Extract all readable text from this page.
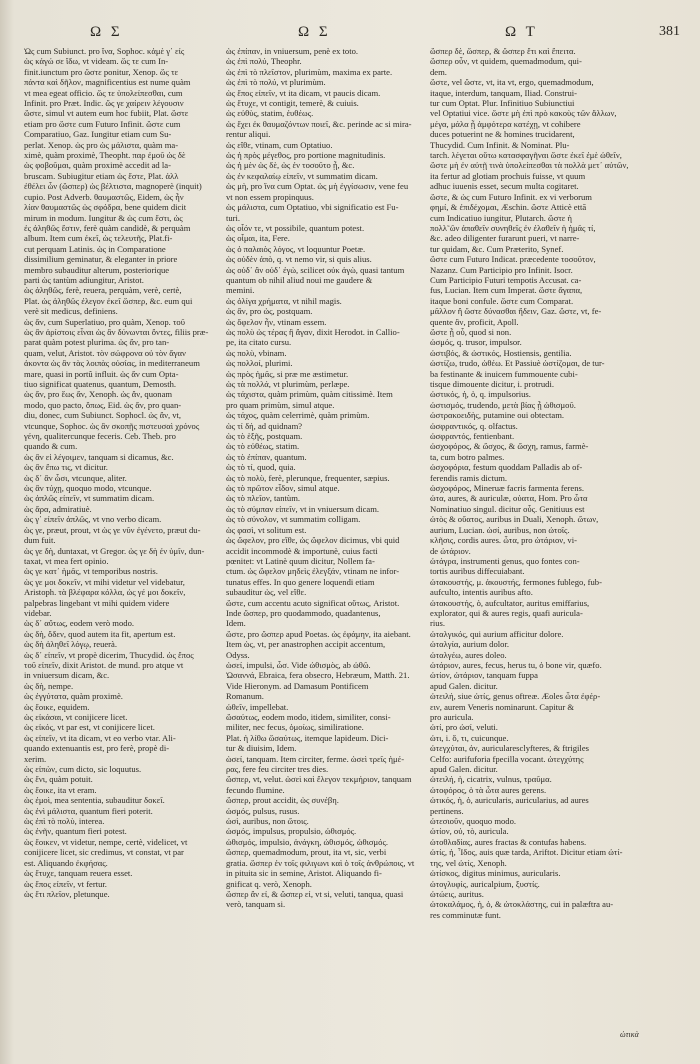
Ω Σ	Ω Σ	Ω Τ	381

Ὡς cum Subiunct. pro ἵνα, Sophoc. κἀμὲ γ᾽ εἰς

ὡς κἀγώ σε ἴδω, vt videam. ὥς τε cum In-

finit.iunctum pro ὥστε ponitur, Xenop. ὥς τε

πάντα καὶ δῆλον, magnificentius est nume quàm

vt mea egeat officio. ὥς τε ὑπολείπεσθαι, cum

Infinit. pro Præt. Indic. ὥς γε χαίρειν λέγουσιν

ὥστε, simul vt autem eum hoc fubiit, Plat. ὥστε

etiam pro ὥστε cum Futuro Infinit. ὥστε cum

Comparatiuo, Gaz. Iungitur etiam cum Su-

perlat. Xenop. ὡς pro ὡς μάλιστα, quàm ma-

ximè, quàm proximè, Theopht. παρ ἐμοῦ ὡς δὲ

ὡς φοβοῦμαι, quàm proximè accedit ad la-

bruscam. Subiugitur etiam ὡς ἔστε, Plat. ἀλλ

ἐθέλει ὦν (ὥσπερ) ὡς βέλτιστα, magnoperè (inquit)

cupio. Post Adverb. θαυμαστῶς, Eidem, ὡς ἦν

λίαν θαυμαστῶς ὡς σφόδρα, bene quidem dicit

mirum in modum. Iungitur & ὡς cum ἔστι, ὡς

ἐς ἀληθῶς ἔστιν, ferè quàm candidè, & perquàm

album. Item cum ἐκεῖ, ὡς τελευτῆς, Plat.fi-

cut perquam Latinis. ὡς in Comparatione

dissimilium geminatur, & eleganter in priore

membro subauditur alterum, posteriorique

parti ὡς tantùm adiungitur, Aristot.

ὡς ἀληθῶς, ferè, reuera, perquàm, verè, certè,

Plat. ὡς ἀληθῶς ἐλεγον ἐκεῖ ὥσπερ, &c. eum qui

verè sit medicus, definiens.

ὡς ἄν, cum Superlatiuo, pro quàm, Xenop. τοῦ

ὡς ἂν ἀρίστοις εἶναι ὡς ἂν δύνωνται ὄντες, filiis præ-

parat quàm potest plurima. ὡς ἄν, pro tan-

quam, velut, Aristot. τὸν σώφρονα οὐ τὸν ἄγαν

ἀκοντα ὡς ἂν τὰς λοιπὰς οὐσίας, in mediterraneum

mare, quasi in portû influit. ὡς ἄν cum Opta-

tiuo significat quatenus, quantum, Demosth.

ὡς ἄν, pro ἕως ἄν, Xenoph. ὡς ἄν, quonam

modo, quo pacto, ὅπως, Eid. ὡς ἄν, pro quan-

diu, donec, cum Subiunct. Sophocl. ὡς ἄν, vt,

vtcunque, Sophoc. ὡς ἂν σκοπῇς πιστευσαὶ χρόνος

γένη, qualitercunque feceris. Ceb. Theb. pro

quando & cum.

ὡς ἂν εἰ λέγοιμεν, tanquam si dicamus, &c.

ὡς ἂν ἔπω τις, vt dicitur.

ὡς δ᾽ ἂν ὦσι, vtcunque, aliter.

ὡς ἂν τύχῃ, quoquo modo, vtcunque.

ὡς ἁπλῶς εἰπεῖν, vt summatim dicam.

ὡς ἄρα, admiratiuè.

ὡς γ᾽ εἰπεῖν ἀπλῶς, vt vno verbo dicam.

ὡς γε, præut, prout, vt ὡς γε νῦν ἐγένετο, præut du-

dum fuit.

ὡς γε δὴ, duntaxat, vt Gregor. ὡς γε δὴ ἐν ὑμῖν, dun-

taxat, vt mea fert opinio.

ὡς γε κατ᾽ ἡμᾶς, vt temporibus nostris.

ὡς γε μοι δοκεῖν, vt mihi videtur vel videbatur,

Aristoph. τὰ βλέφαρα κόλλα, ὡς γέ μοι δοκεῖν,

palpebras lingebant vt mihi quidem videre

videbar.

ὡς δ᾽ αὔτως, eodem verò modo.

ὡς δὴ, ὅδεν, quod autem ita fit, apertum est.

ὡς δὴ ἀληθεῖ λόγῳ, reuerà.

ὡς δ᾽ εἰπεῖν, vt propè dicerim, Thucydid. ὡς ἔπος

τοῦ εἰπεῖν, dixit Aristot. de mund. pro atque vt

in vniuersum dicam, &c.

ὡς δὴ, nempe.

ὡς ἐγγύτατα, quàm proximè.

ὡς ἔοικε, equidem.

ὡς εἰκάσαι, vt conijicere licet.

ὡς εἰκός, vt par est, vt conijicere licet.

ὡς εἰπεῖν, vt ita dicam, vt eo verbo vtar. Ali-

quando extenuantis est, pro ferè, propè di-

xerim.

ὡς εἰπὼν, cum dicto, sic loquutus.

ὡς ἔνι, quàm potuit.

ὡς ἔοικε, ita vt eram.

ὡς ἐμοὶ, mea sententia, subauditur δοκεῖ.

ὡς ἐνὶ μάλιστα, quantum fieri poterit.

ὡς ἐπὶ τὸ πολὺ, interea.

ὡς ἐνῆν, quantum fieri potest.

ὡς ἔοικεν, vt videtur, nempe, certè, videlicet, vt

conijicere licet, sic credimus, vt constat, vt par

est. Aliquando ἐκφήσας.

ὡς ἔτυχε, tanquam reuera esset.

ὡς ἔπος εἰπεῖν, vt fertur.

ὡς ἔτι πλεῖον, pletunque.

ὡς ἐπίπαν, in vniuersum, penè ex toto.

ὡς ἐπὶ πολύ, Theophr.

ὡς ἐπὶ τὸ πλεῖστον, plurimùm, maxima ex parte.

ὡς ἐπὶ τὸ πολύ, vt plurimùm.

ὡς ἔπος εἰπεῖν, vt ita dicam, vt paucis dicam.

ὡς ἔτυχε, vt contigit, temerè, & cuiuis.

ὡς εὐθὺς, statim, ἐυθέως.

ὡς ἔχει ἐκ θαυμαζόντων ποιεῖ, &c. perinde ac si mira-

rentur aliqui.

ὡς εἴθε, vtinam, cum Optatiuo.

ὡς ἡ πρὸς μέγεθος, pro portione magnitudinis.

ὡς ἡ μὲν ὡς δὲ, ὡς ἐν τοσοῦτο ᾖ, &c.

ὡς ἐν κεφαλαίῳ εἰπεῖν, vt summatim dicam.

ὡς μὴ, pro ἵνα cum Optat. ὡς μὴ ἐγγίσωσιν, vene feu

vt non essem propinquus.

ὡς μάλιστα, cum Optatiuo, vbi significatio est Fu-

turi.

ὡς οἷόν τε, vt possibile, quantum potest.

ὡς οἶμαι, ita, Fere.

ὡς ὁ παλαιὸς λόγος, vt loquuntur Poetæ.

ὡς οὐδὲν ἀπὸ, q. vt nemo vir, si quis alius.

ὡς οὐδ᾽ ἂν οὐδ᾽ ἐγὼ, scilicet οὐκ ἀγὼ, quasi tantum

quantum ob nihil aliud noui me gaudere &

memini.

ὡς ὀλίγα χρήματα, vt nihil magis.

ὡς ἂν, pro ὡς, postquam.

ὡς ὄφελον ἦν, vtinam essem.

ὡς πολὺ ὡς τέρας ἢ ἄγαν, dixit Herodot. in Callio-

pe, ita citato cursu.

ὡς πολὺ, vbinam.

ὡς πολλοί, plurimi.

ὡς πρὸς ἡμᾶς, si præ me æstimetur.

ὡς τὰ πολλά, vt plurimùm, perlæpe.

ὡς τάχιστα, quàm primùm, quàm citissimè. Item

pro quam primùm, simul atque.

ὡς τάχος, quàm celerrimè, quàm primùm.

ὡς τί δή, ad quidnam?

ὡς τὸ ἑξῆς, postquam.

ὡς τὸ εὐθέως, statim.

ὡς τὸ ἐπίπαν, quantum.

ὡς τὸ τί, quod, quia.

ὡς τὸ πολὺ, ferè, plerunque, frequenter, sæpius.

ὡς τὸ πρῶτον εἶδον, simul atque.

ὡς τὸ πλεῖον, tantùm.

ὡς τὸ σύμπαν εἰπεῖν, vt in vniuersum dicam.

ὡς τὸ σύνολον, vt summatim colligam.

ὡς φασὶ, vt solitum est.

ὡς ὤφελον, pro εἴθε, ὡς ὤφελον dicimus, vbi quid

accidit incommodè & importunè, cuius facti

pœnitet: vt Latinè quum dicitur, Nollem fa-

ctum. ὡς ὤφελον μηδεὶς ἐλεγξάν, vtinam ne infor-

tunatus effes. In quo genere loquendi etiam

subauditur ὡς, vel εἴθε.

ὥστε, cum accentu acuto significat οὕτως, Aristot.

Inde ὥσπερ, pro quodammodo, quadantenus,

Idem.

ὥστε, pro ὥσπερ apud Poetas. ὡς ἐφάμην, ita aiebant.

Item ὡς, vt, per anastrophen accipit accentum,

Odyss.

ὡσεί, impulsi, ὦσ. Vide ὠθισμὸς, ab ὠθῶ.

Ὡσαννά, Ebraica, fera obsecro, Hebræum, Matth. 21.

Vide Hieronym. ad Damasum Pontificem

Romanum.

ὠθεῖν, impellebat.

ὥσαύτως, eodem modo, itidem, similiter, consi-

militer, nec fecus, ὁμοίως, similiratione.

Plat. ἡ λίθω ὥσαύτως, itemque lapideum. Dici-

tur & diuisim, Idem.

ὡσεί, tanquam. Item circiter, ferme. ὡσεὶ τρεῖς ἡμέ-

ρας, fere feu circiter tres dies.

ὥσπερ, vt, velut. ὡσεὶ καὶ ἔλεγον τεκμήριον, tanquam

fecundo flumine.

ὥσπερ, prout accidit, ὡς συνέβη.

ὠσμός, pulsus, rusus.

ὠσὶ, auribus, non ὤτοις.

ὠσμός, impulsus, propulsio, ὠθισμός.

ὠθισμός, impulsio, ἀνάγκη, ὠθισμός, ὠθισμός.

ὥσπερ, quemadmodum, prout, ita vt, sic, verbi

gratia. ὥσπερ ἐν τοῖς φιλιγωνι καὶ ὁ τοῖς ἀνθρώποις, vt

in pituita sic in semine, Aristot. Aliquando fi-

gnificat q. verò, Xenoph.

ὥσπερ ἂν εἰ, & ὥσπερ εἰ, vt si, veluti, tanqua, quasi

verò, tanquam si.

ὥσπερ δὲ, ὥσπερ, & ὥσπερ ἔτι καὶ ἔπειτα.

ὥσπερ οὖν, vt quidem, quemadmodum, qui-

dem.

ὥστε, vel ὥστε, vt, ita vt, ergo, quemadmodum,

itaque, interdum, tanquam, Iliad. Construi-

tur cum Optat. Plur. Infinitiuo Subiunctiui

vel Optatiui vice. ὥστε μὴ ἐπὶ πρὸ κακοὺς τῶν ἄλλων,

μέγα, μάλα ᾗ ἀμφότερα κατέχῃ, vt cohibere

duces potuerint ne & homines trucidarent,

Thucydid. Cum Infinit. & Nominat. Plu-

tarch. λέγεται οὕτω κατασφαγῆναι ὥστε ἐκεῖ ἐμὲ ὠθεῖν,

ὥστε μὴ ἐν αὐτῇ τινὰ ὑπολείπεσθαι τὰ πολλὰ μετ᾽ αὐτῶν,

ita fertur ad glotiam prochuis fuisse, vt quum

adhuc iuuenis esset, secum multa cogitaret.

ὥστε, & ὡς cum Futuro Infinit. ex vi verborum

φημί, & ἐπιδέχομαι, Æschin. ὥστε Atticè ettā

cum Indicatiuo iungitur, Plutarch. ὥστε ἡ

πολλ῀ῶν ἀπαθεῖν συνηθεῖς ἐν ἐλαθεῖν ἡ ἡμᾶς τί,

&c. adeo diligenter furarunt pueri, vt narre-

tur quidam, &c. Cum Præterito, Synef.

ὥστε cum Futuro Indicat. præcedente τοσοῦτον,

Nazanz. Cum Participio pro Infinit. Isocr.

Cum Participio Futuri tempotis Accusat. ca-

fus, Lucian. Item cum Imperat. ὥστε ἄγαπα,

itaque boni confule. ὥστε cum Comparat.

μᾶλλον ἢ ὥστε δύνασθαι ἤδειν, Gaz. ὥστε, vt, fe-

quente ἂν, proficit, Apoll.

ὥστε ᾗ οὗ, quod si non.

ὠσμός, q. trusor, impulsor.

ὠστιβός, & ὠστικός, Hostiensis, gentilia.

ὠστίζω, trudo, ὠθέω. Et Passiuè ὠστίζομαι, de tur-

ba festinante & inuicem fummouente cubi-

tisque dimouente dicitur, i. protrudi.

ὠστικός, ἡ, ὁ, q. impulsorius.

ὠστισμός, trudendo, μετὰ βίας ᾗ ὠθισμοῦ.

ὠστρακοειδὴς, putamine oui obtectam.

ὠσφραντικός, q. olfactus.

ὠσφραντός, fentienbant.

ὠσχοφόρος, & ὤσχος, & ὤσχη, ramus, farmè-

ta, cum botro palmes.

ὠσχοφόρια, festum quoddam Palladis ab of-

ferendis ramis dictum.

ὠσχοφόρος, Mineruæ facris farmenta ferens.

ὠτα, aures, & auriculæ, οὐατα, Hom. Pro ὦτα

Nominatiuo singul. dicitur οὖς. Genitiuus est

ὠτὸς & οὔατος, auribus in Duali, Xenoph. ὤτων,

aurium, Lucian. ὠσί, auribus, non ὠτοῖς.

κλῆσις, cordis aures. ὦτα, pro ὠτάριον, vi-

de ὠτάριον.

ὠτάγρα, instrumenti genus, quo fontes con-

tortis auribus diffecuiabant.

ὠτακουστής, μ. ἀκουστής, fermones fublego, fub-

aufculto, intentis auribus afto.

ὠτακουστής, ὁ, aufcultator, auritus emiffarius,

explorator, qui & aures regis, quafi auricula-

rius.

ὠταλγικός, qui aurium afficitur dolore.

ὠταλγία, aurium dolor.

ὠταλγέω, aures doleo.

ὠτάριον, aures, fecus, herus tu, ὁ bone vir, quæfo.

ὠτίον, ὠτάριον, tanquam fuppa

apud Galen. dicitur.

ὠτειλή, siue ὠτίς, genus oftreæ. Æoles ὦτα ἐφέρ-

ειν, aurem Veneris nominarunt. Capitur &

pro auricula.

ὠτί, pro ὠσί, veluti.

ὠτι, i. ὅ, τι, cuicunque.

ὠτεγχύται, ἀν, auricularesclyfteres, & ftrigiles

Celfo: aurifuforia fpecilla vocant. ὠτεγχύτης

apud Galen. dicitur.

ὠτειλή, ἡ, cicatrix, vulnus, τραῦμα.

ὠτοφόρος, ὁ τὰ ὦτα aures gerens.

ὠτικός, ἡ, ὁ, auricularis, auricularius, ad aures

pertinens.

ὠτεσιοῦν, quoquo modo.

ὠτίον, οὐ, τὸ, auricula.

ὠτοθλαδίας, aures fractas & contufas habens.

ὠτίς, ἡ, Ἶδος, auis quæ tarda, Ariftot. Dicitur etiam ὠτί-

της, vel ὠτίς, Xenoph.

ὠτίσκος, digitus minimus, auricularis.

ὠτογλυφίς, auricalpium, ξυστίς.

ὠτώεις, auritus.

ὠτοκαλάμος, ἡ, ὁ, & ὠτοκλάστης, cui in palæftra au-

res comminutæ funt.

ὠτικὰ
